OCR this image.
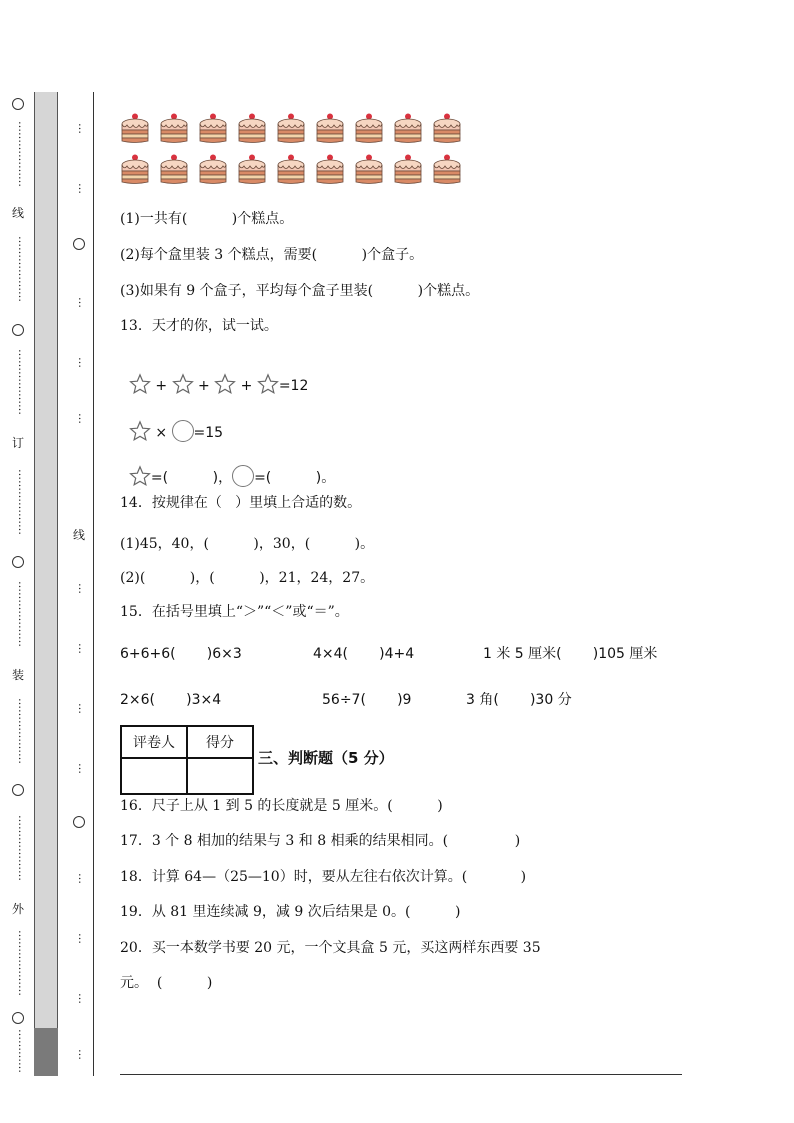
………………
线
………………
………………
订
………………
………………
装
………………
………………
外
………………
…………
…
…
…
…
…
线
…
…
…
…
…
…
…
…
(1)一共有(          )个糕点。
(2)每个盒里装 3 个糕点，需要(          )个盒子。
(3)如果有 9 个盒子，平均每个盒子里装(          )个糕点。
13．天才的你，试一试。

+  +  + =12

× =15

=(          )， =(          )。

14．按规律在（   ）里填上合适的数。
(1)45，40，(          )，30，(          )。
(2)(          )，(          )，21，24，27。
15．在括号里填上“＞”“＜”或“＝”。
6+6+6(       )6×3	4×4(       )4+4	1 米 5 厘米(       )105 厘米
2×6(       )3×4	56÷7(       )9	3 角(       )30 分
评卷人	得分

三、判断题（5 分）
16．尺子上从 1 到 5 的长度就是 5 厘米。(          )
17．3 个 8 相加的结果与 3 和 8 相乘的结果相同。(               )
18．计算 64—（25—10）时，要从左往右依次计算。(            )
19．从 81 里连续减 9，减 9 次后结果是 0。(          )
20．买一本数学书要 20 元，一个文具盒 5 元，买这两样东西要 35
元。  (          )
